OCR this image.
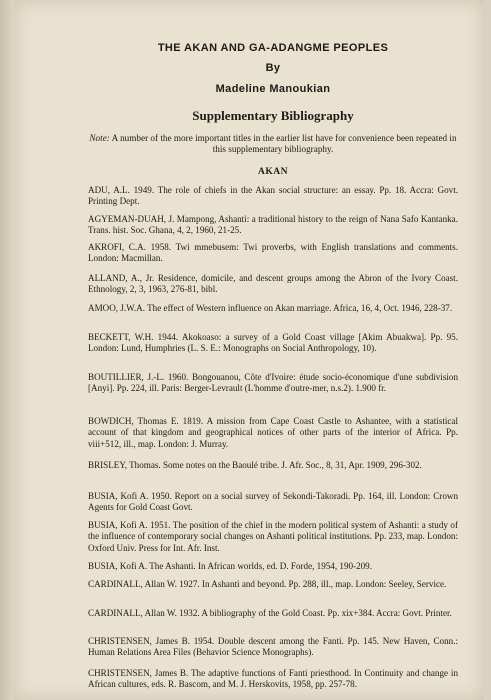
THE AKAN AND GA-ADANGME PEOPLES
By
Madeline Manoukian
Supplementary Bibliography
Note: A number of the more important titles in the earlier list have for convenience been repeated in this supplementary bibliography.
AKAN
ADU, A.L. 1949. The role of chiefs in the Akan social structure: an essay. Pp. 18. Accra: Govt. Printing Dept.
AGYEMAN-DUAH, J. Mampong, Ashanti: a traditional history to the reign of Nana Safo Kantanka. Trans. hist. Soc. Ghana, 4, 2, 1960, 21-25.
AKROFI, C.A. 1958. Twi mmebusem: Twi proverbs, with English translations and comments. London: Macmillan.
ALLAND, A., Jr. Residence, domicile, and descent groups among the Abron of the Ivory Coast. Ethnology, 2, 3, 1963, 276-81, bibl.
AMOO, J.W.A. The effect of Western influence on Akan marriage. Africa, 16, 4, Oct. 1946, 228-37.
BECKETT, W.H. 1944. Akokoaso: a survey of a Gold Coast village [Akim Abuakwa]. Pp. 95. London: Lund, Humphries (L. S. E.: Monographs on Social Anthropology, 10).
BOUTILLIER, J.-L. 1960. Bongouanou, Côte d'Ivoire: étude socio-économique d'une subdivision [Anyi]. Pp. 224, ill. Paris: Berger-Levrault (L'homme d'outre-mer, n.s.2). 1.900 fr.
BOWDICH, Thomas E. 1819. A mission from Cape Coast Castle to Ashantee, with a statistical account of that kingdom and geographical notices of other parts of the interior of Africa. Pp. viii+512, ill., map. London: J. Murray.
BRISLEY, Thomas. Some notes on the Baoulé tribe. J. Afr. Soc., 8, 31, Apr. 1909, 296-302.
BUSIA, Kofi A. 1950. Report on a social survey of Sekondi-Takoradi. Pp. 164, ill. London: Crown Agents for Gold Coast Govt.
BUSIA, Kofi A. 1951. The position of the chief in the modern political system of Ashanti: a study of the influence of contemporary social changes on Ashanti political institutions. Pp. 233, map. London: Oxford Univ. Press for Int. Afr. Inst.
BUSIA, Kofi A. The Ashanti. In African worlds, ed. D. Forde, 1954, 190-209.
CARDINALL, Allan W. 1927. In Ashanti and beyond. Pp. 288, ill., map. London: Seeley, Service.
CARDINALL, Allan W. 1932. A bibliography of the Gold Coast. Pp. xix+384. Accra: Govt. Printer.
CHRISTENSEN, James B. 1954. Double descent among the Fanti. Pp. 145. New Haven, Conn.: Human Relations Area Files (Behavior Science Monographs).
CHRISTENSEN, James B. The adaptive functions of Fanti priesthood. In Continuity and change in African cultures, eds. R. Bascom, and M. J. Herskovits, 1958, pp. 257-78.
